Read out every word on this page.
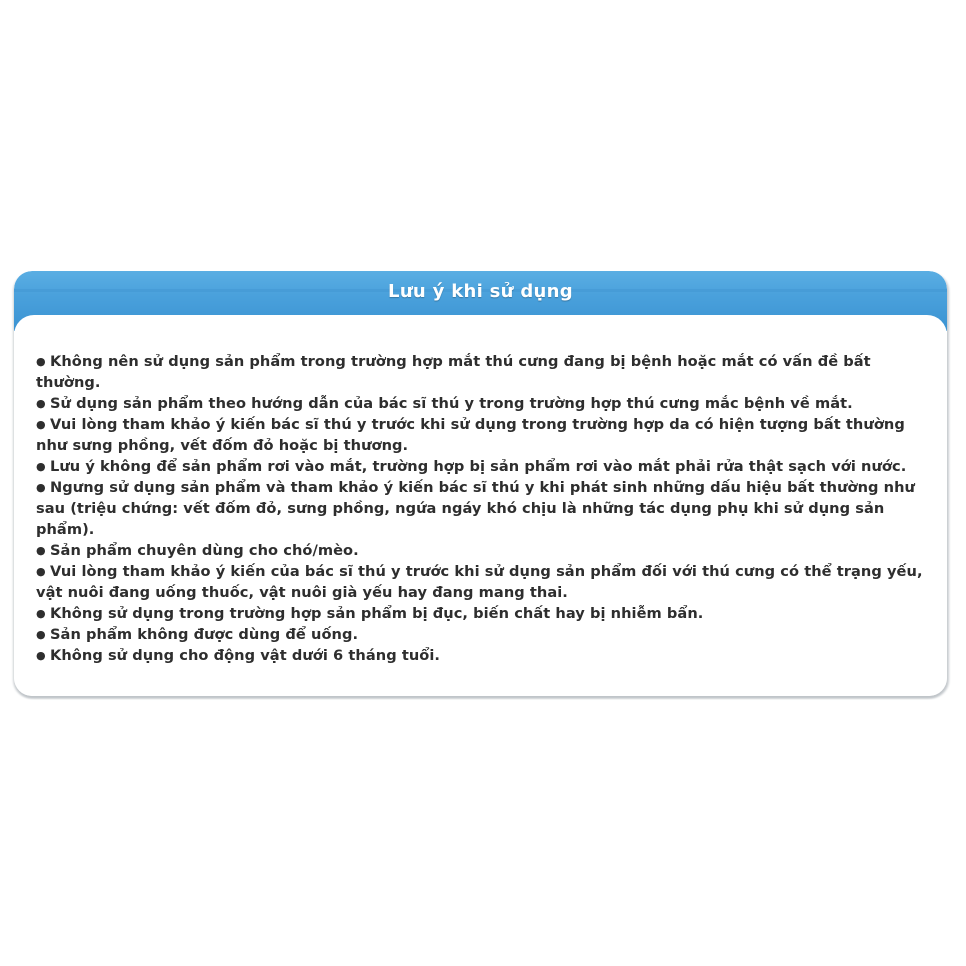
Lưu ý khi sử dụng
● Không nên sử dụng sản phẩm trong trường hợp mắt thú cưng đang bị bệnh hoặc mắt có vấn đề bất thường.
● Sử dụng sản phẩm theo hướng dẫn của bác sĩ thú y trong trường hợp thú cưng mắc bệnh về mắt.
● Vui lòng tham khảo ý kiến bác sĩ thú y trước khi sử dụng trong trường hợp da có hiện tượng bất thường như sưng phồng, vết đốm đỏ hoặc bị thương.
● Lưu ý không để sản phẩm rơi vào mắt, trường hợp bị sản phẩm rơi vào mắt phải rửa thật sạch với nước.
● Ngưng sử dụng sản phẩm và tham khảo ý kiến bác sĩ thú y khi phát sinh những dấu hiệu bất thường như sau (triệu chứng: vết đốm đỏ, sưng phồng, ngứa ngáy khó chịu là những tác dụng phụ khi sử dụng sản phẩm).
● Sản phẩm chuyên dùng cho chó/mèo.
● Vui lòng tham khảo ý kiến của bác sĩ thú y trước khi sử dụng sản phẩm đối với thú cưng có thể trạng yếu, vật nuôi đang uống thuốc, vật nuôi già yếu hay đang mang thai.
● Không sử dụng trong trường hợp sản phẩm bị đục, biến chất hay bị nhiễm bẩn.
● Sản phẩm không được dùng để uống.
● Không sử dụng cho động vật dưới 6 tháng tuổi.
